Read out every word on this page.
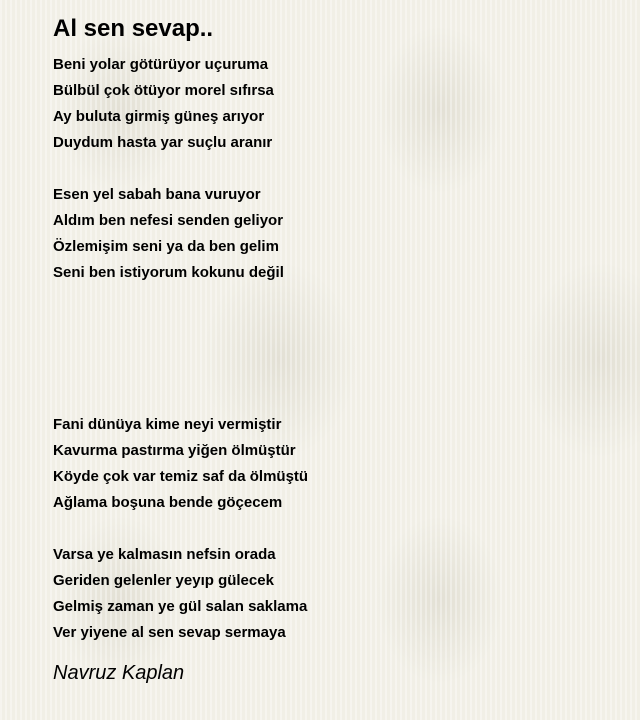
Al sen sevap..
Beni yolar götürüyor uçuruma
Bülbül çok ötüyor morel sıfırsa
Ay buluta girmiş güneş arıyor
Duydum hasta yar suçlu aranır
Esen yel sabah bana vuruyor
Aldım ben nefesi senden geliyor
Özlemişim seni ya da ben gelim
Seni ben istiyorum kokunu değil
Fani dünüya kime neyi vermiştir
Kavurma pastırma yiğen ölmüştür
Köyde çok var temiz saf da ölmüştü
Ağlama boşuna bende göçecem
Varsa ye kalmasın nefsin orada
Geriden gelenler yeyıp gülecek
Gelmiş zaman ye gül salan saklama
Ver yiyene al sen sevap sermaya
Navruz Kaplan
